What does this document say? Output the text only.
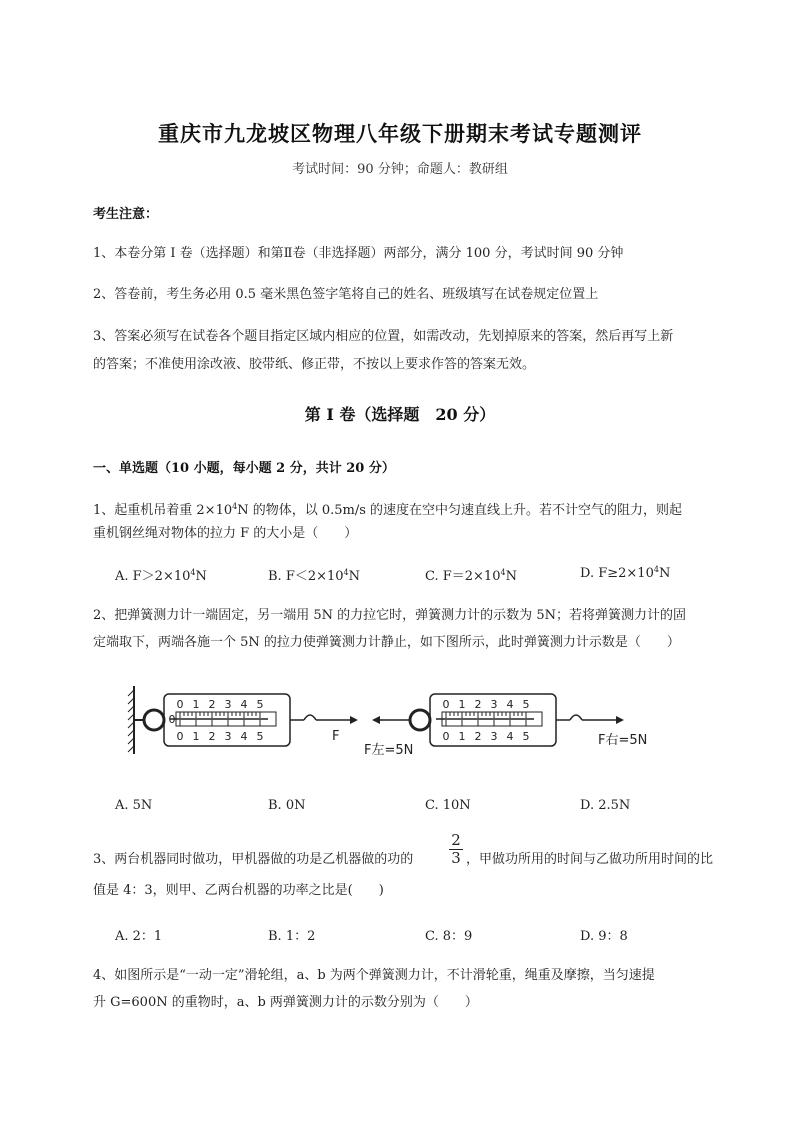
重庆市九龙坡区物理八年级下册期末考试专题测评
考试时间：90 分钟；命题人：教研组
考生注意：
1、本卷分第 I 卷（选择题）和第Ⅱ卷（非选择题）两部分，满分 100 分，考试时间 90 分钟
2、答卷前，考生务必用 0.5 毫米黑色签字笔将自己的姓名、班级填写在试卷规定位置上
3、答案必须写在试卷各个题目指定区域内相应的位置，如需改动，先划掉原来的答案，然后再写上新
的答案；不准使用涂改液、胶带纸、修正带，不按以上要求作答的答案无效。
第 I 卷（选择题　20 分）
一、单选题（10 小题，每小题 2 分，共计 20 分）
1、起重机吊着重 $2\times 10^4N$ 的物体，以 0.5m/s 的速度在空中匀速直线上升。若不计空气的阻力，则起
重机钢丝绳对物体的拉力 F 的大小是（　　）
A. $F>2\times 10^4N$	B. $F<2\times 10^4N$	C. $F=2\times 10^4N$	D. $F\ge 2\times 10^4N$
2、把弹簧测力计一端固定，另一端用 5N 的力拉它时，弹簧测力计的示数为 5N；若将弹簧测力计的固
定端取下，两端各施一个 5N 的拉力使弹簧测力计静止，如下图所示，此时弹簧测力计示数是（　　）
0 1 2 3 4 5
0 1 2 3 4 5
0
F
0 1 2 3 4 5
0 1 2 3 4 5
F左=5N
F右=5N
A. 5N	B. 0N	C. 10N	D. 2.5N
3、两台机器同时做功，甲机器做的功是乙机器做的功的 $\frac{2}{3}$ ，甲做功所用的时间与乙做功所用时间的比
值是 4：3，则甲、乙两台机器的功率之比是(　　)
A. 2：1	B. 1：2	C. 8：9	D. 9：8
4、如图所示是“一动一定”滑轮组，a、b 为两个弹簧测力计，不计滑轮重，绳重及摩擦，当匀速提
升 G=600N 的重物时，a、b 两弹簧测力计的示数分别为（　　）
